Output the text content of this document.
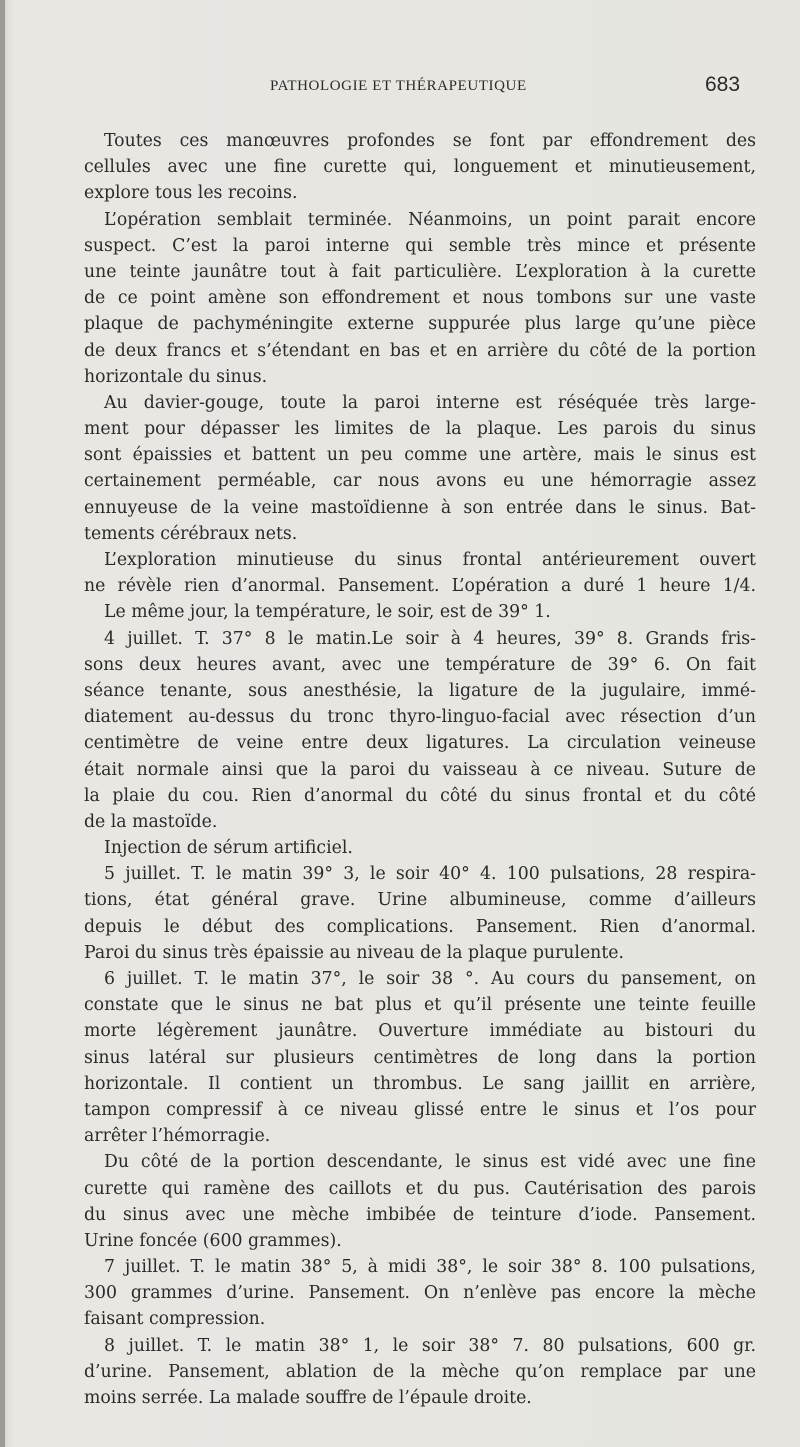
PATHOLOGIE ET THÉRAPEUTIQUE	683
Toutes ces manœuvres profondes se font par effondrement des
cellules avec une fine curette qui, longuement et minutieusement,
explore tous les recoins.
L’opération semblait terminée. Néanmoins, un point parait encore
suspect. C’est la paroi interne qui semble très mince et présente
une teinte jaunâtre tout à fait particulière. L’exploration à la curette
de ce point amène son effondrement et nous tombons sur une vaste
plaque de pachyméningite externe suppurée plus large qu’une pièce
de deux francs et s’étendant en bas et en arrière du côté de la portion
horizontale du sinus.
Au davier-gouge, toute la paroi interne est réséquée très large-
ment pour dépasser les limites de la plaque. Les parois du sinus
sont épaissies et battent un peu comme une artère, mais le sinus est
certainement perméable, car nous avons eu une hémorragie assez
ennuyeuse de la veine mastoïdienne à son entrée dans le sinus. Bat-
tements cérébraux nets.
L’exploration minutieuse du sinus frontal antérieurement ouvert
ne révèle rien d’anormal. Pansement. L’opération a duré 1 heure 1/4.
Le même jour, la température, le soir, est de 39° 1.
4 juillet. T. 37° 8 le matin.Le soir à 4 heures, 39° 8. Grands fris-
sons deux heures avant, avec une température de 39° 6. On fait
séance tenante, sous anesthésie, la ligature de la jugulaire, immé-
diatement au-dessus du tronc thyro-linguo-facial avec résection d’un
centimètre de veine entre deux ligatures. La circulation veineuse
était normale ainsi que la paroi du vaisseau à ce niveau. Suture de
la plaie du cou. Rien d’anormal du côté du sinus frontal et du côté
de la mastoïde.
Injection de sérum artificiel.
5 juillet. T. le matin 39° 3, le soir 40° 4. 100 pulsations, 28 respira-
tions, état général grave. Urine albumineuse, comme d’ailleurs
depuis le début des complications. Pansement. Rien d’anormal.
Paroi du sinus très épaissie au niveau de la plaque purulente.
6 juillet. T. le matin 37°, le soir 38 °. Au cours du pansement, on
constate que le sinus ne bat plus et qu’il présente une teinte feuille
morte légèrement jaunâtre. Ouverture immédiate au bistouri du
sinus latéral sur plusieurs centimètres de long dans la portion
horizontale. Il contient un thrombus. Le sang jaillit en arrière,
tampon compressif à ce niveau glissé entre le sinus et l’os pour
arrêter l’hémorragie.
Du côté de la portion descendante, le sinus est vidé avec une fine
curette qui ramène des caillots et du pus. Cautérisation des parois
du sinus avec une mèche imbibée de teinture d’iode. Pansement.
Urine foncée (600 grammes).
7 juillet. T. le matin 38° 5, à midi 38°, le soir 38° 8. 100 pulsations,
300 grammes d’urine. Pansement. On n’enlève pas encore la mèche
faisant compression.
8 juillet. T. le matin 38° 1, le soir 38° 7. 80 pulsations, 600 gr.
d’urine. Pansement, ablation de la mèche qu’on remplace par une
moins serrée. La malade souffre de l’épaule droite.
